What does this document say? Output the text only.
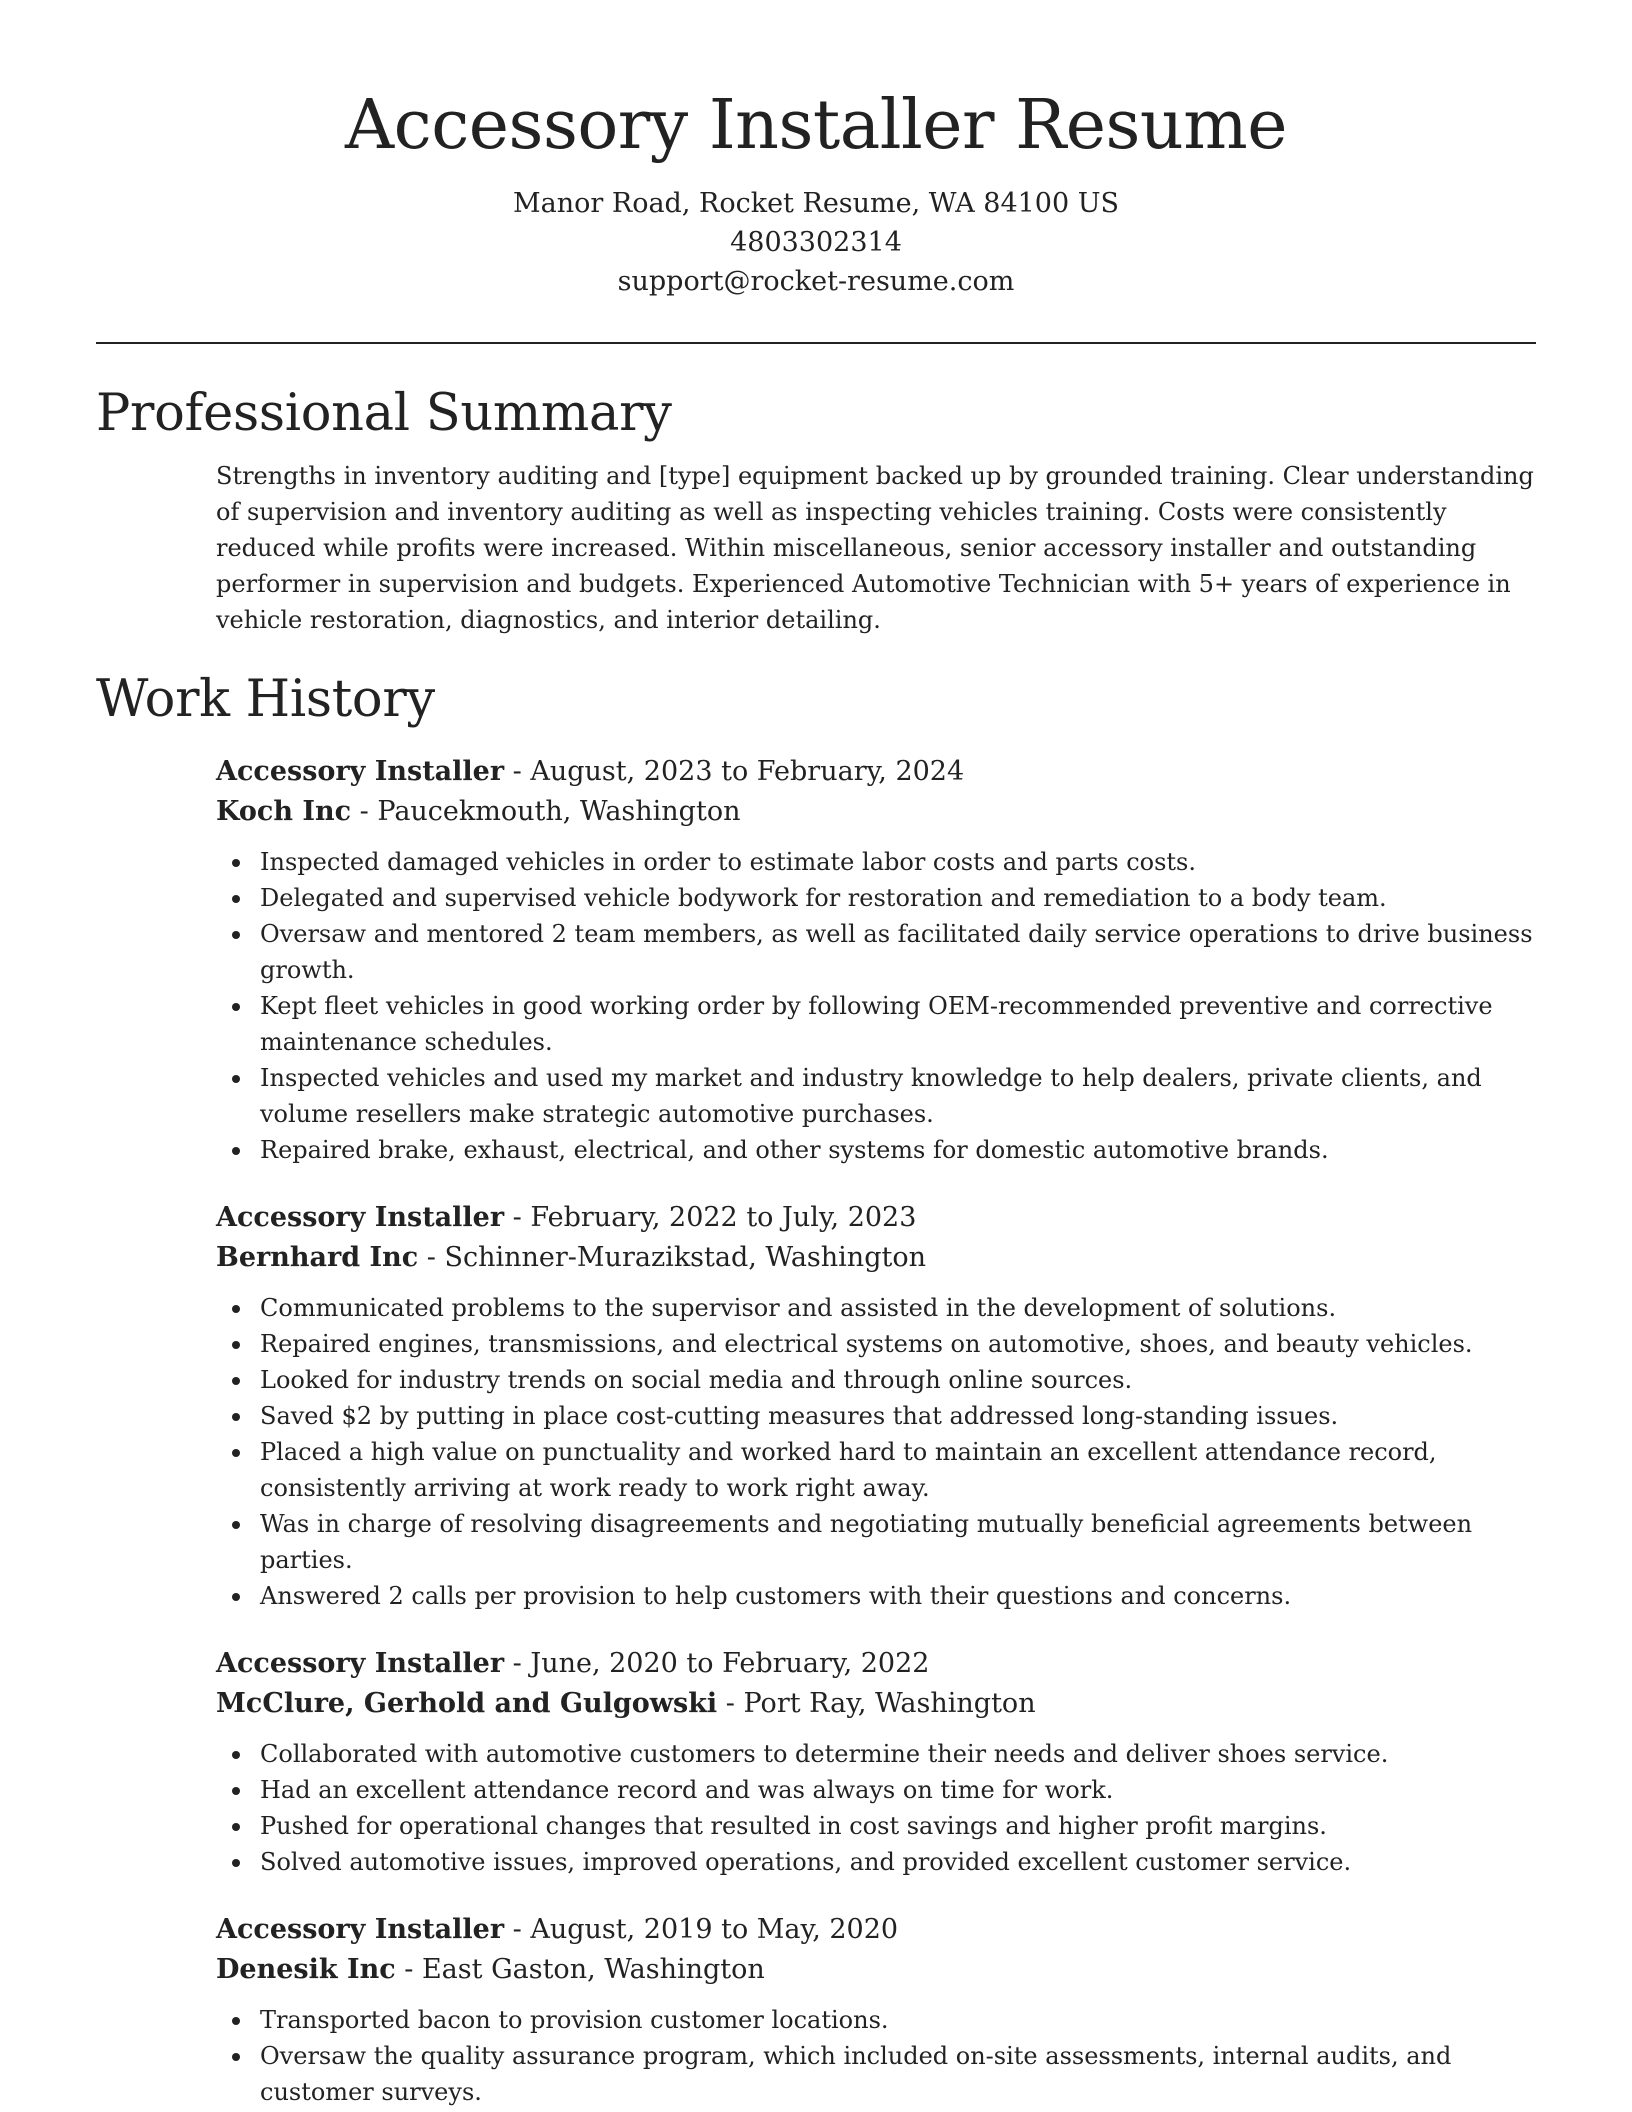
Accessory Installer Resume
Manor Road, Rocket Resume, WA 84100 US
4803302314
support@rocket-resume.com
Professional Summary

Strengths in inventory auditing and [type] equipment backed up by grounded training. Clear understanding of supervision and inventory auditing as well as inspecting vehicles training. Costs were consistently reduced while profits were increased. Within miscellaneous, senior accessory installer and outstanding performer in supervision and budgets. Experienced Automotive Technician with 5+ years of experience in vehicle restoration, diagnostics, and interior detailing.

Work History
Accessory Installer - August, 2023 to February, 2024
Koch Inc - Paucekmouth, Washington
Inspected damaged vehicles in order to estimate labor costs and parts costs.
Delegated and supervised vehicle bodywork for restoration and remediation to a body team.
Oversaw and mentored 2 team members, as well as facilitated daily service operations to drive business growth.
Kept fleet vehicles in good working order by following OEM-recommended preventive and corrective maintenance schedules.
Inspected vehicles and used my market and industry knowledge to help dealers, private clients, and volume resellers make strategic automotive purchases.
Repaired brake, exhaust, electrical, and other systems for domestic automotive brands.
Accessory Installer - February, 2022 to July, 2023
Bernhard Inc - Schinner-Murazikstad, Washington
Communicated problems to the supervisor and assisted in the development of solutions.
Repaired engines, transmissions, and electrical systems on automotive, shoes, and beauty vehicles.
Looked for industry trends on social media and through online sources.
Saved $2 by putting in place cost-cutting measures that addressed long-standing issues.
Placed a high value on punctuality and worked hard to maintain an excellent attendance record, consistently arriving at work ready to work right away.
Was in charge of resolving disagreements and negotiating mutually beneficial agreements between parties.
Answered 2 calls per provision to help customers with their questions and concerns.
Accessory Installer - June, 2020 to February, 2022
McClure, Gerhold and Gulgowski - Port Ray, Washington
Collaborated with automotive customers to determine their needs and deliver shoes service.
Had an excellent attendance record and was always on time for work.
Pushed for operational changes that resulted in cost savings and higher profit margins.
Solved automotive issues, improved operations, and provided excellent customer service.
Accessory Installer - August, 2019 to May, 2020
Denesik Inc - East Gaston, Washington
Transported bacon to provision customer locations.
Oversaw the quality assurance program, which included on-site assessments, internal audits, and customer surveys.
